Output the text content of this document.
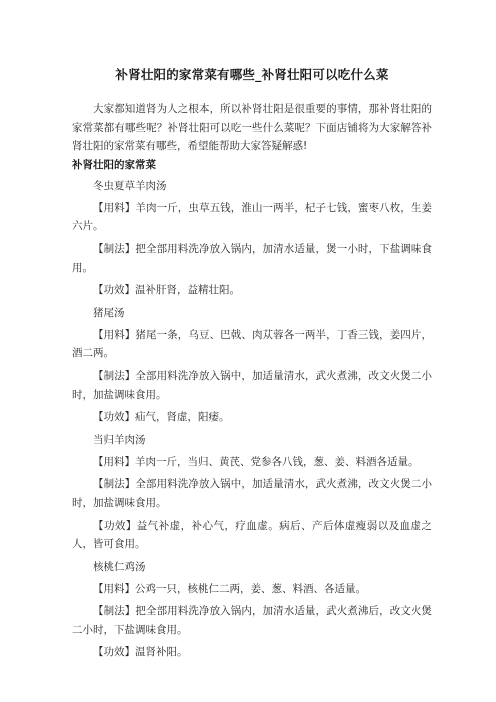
补肾壮阳的家常菜有哪些_补肾壮阳可以吃什么菜

大家都知道肾为人之根本，所以补肾壮阳是很重要的事情，那补肾壮阳的家常菜都有哪些呢？补肾壮阳可以吃一些什么菜呢？下面店铺将为大家解答补肾壮阳的家常菜有哪些，希望能帮助大家答疑解惑!

补肾壮阳的家常菜
冬虫夏草羊肉汤

【用料】羊肉一斤，虫草五钱，淮山一两半，杞子七钱，蜜枣八枚，生姜六片。

【制法】把全部用料洗净放入锅内，加清水适量，煲一小时，下盐调味食用。

【功效】温补肝肾，益精壮阳。

猪尾汤

【用料】猪尾一条，乌豆、巴戟、肉苁蓉各一两半，丁香三钱，姜四片，酒二两。

【制法】全部用料洗净放入锅中，加适量清水，武火煮沸，改文火煲二小时，加盐调味食用。

【功效】疝气，肾虚，阳痿。

当归羊肉汤

【用料】羊肉一斤，当归、黄芪、党参各八钱，葱、姜、料酒各适量。

【制法】全部用料洗净放入锅中，加适量清水，武火煮沸，改文火煲二小时，加盐调味食用。

【功效】益气补虚，补心气，疗血虚。病后、产后体虚瘦弱以及血虚之人，皆可食用。

核桃仁鸡汤

【用料】公鸡一只，核桃仁二两，姜、葱、料酒、各适量。

【制法】把全部用料洗净放入锅内，加清水适量，武火煮沸后，改文火煲二小时，下盐调味食用。

【功效】温肾补阳。
